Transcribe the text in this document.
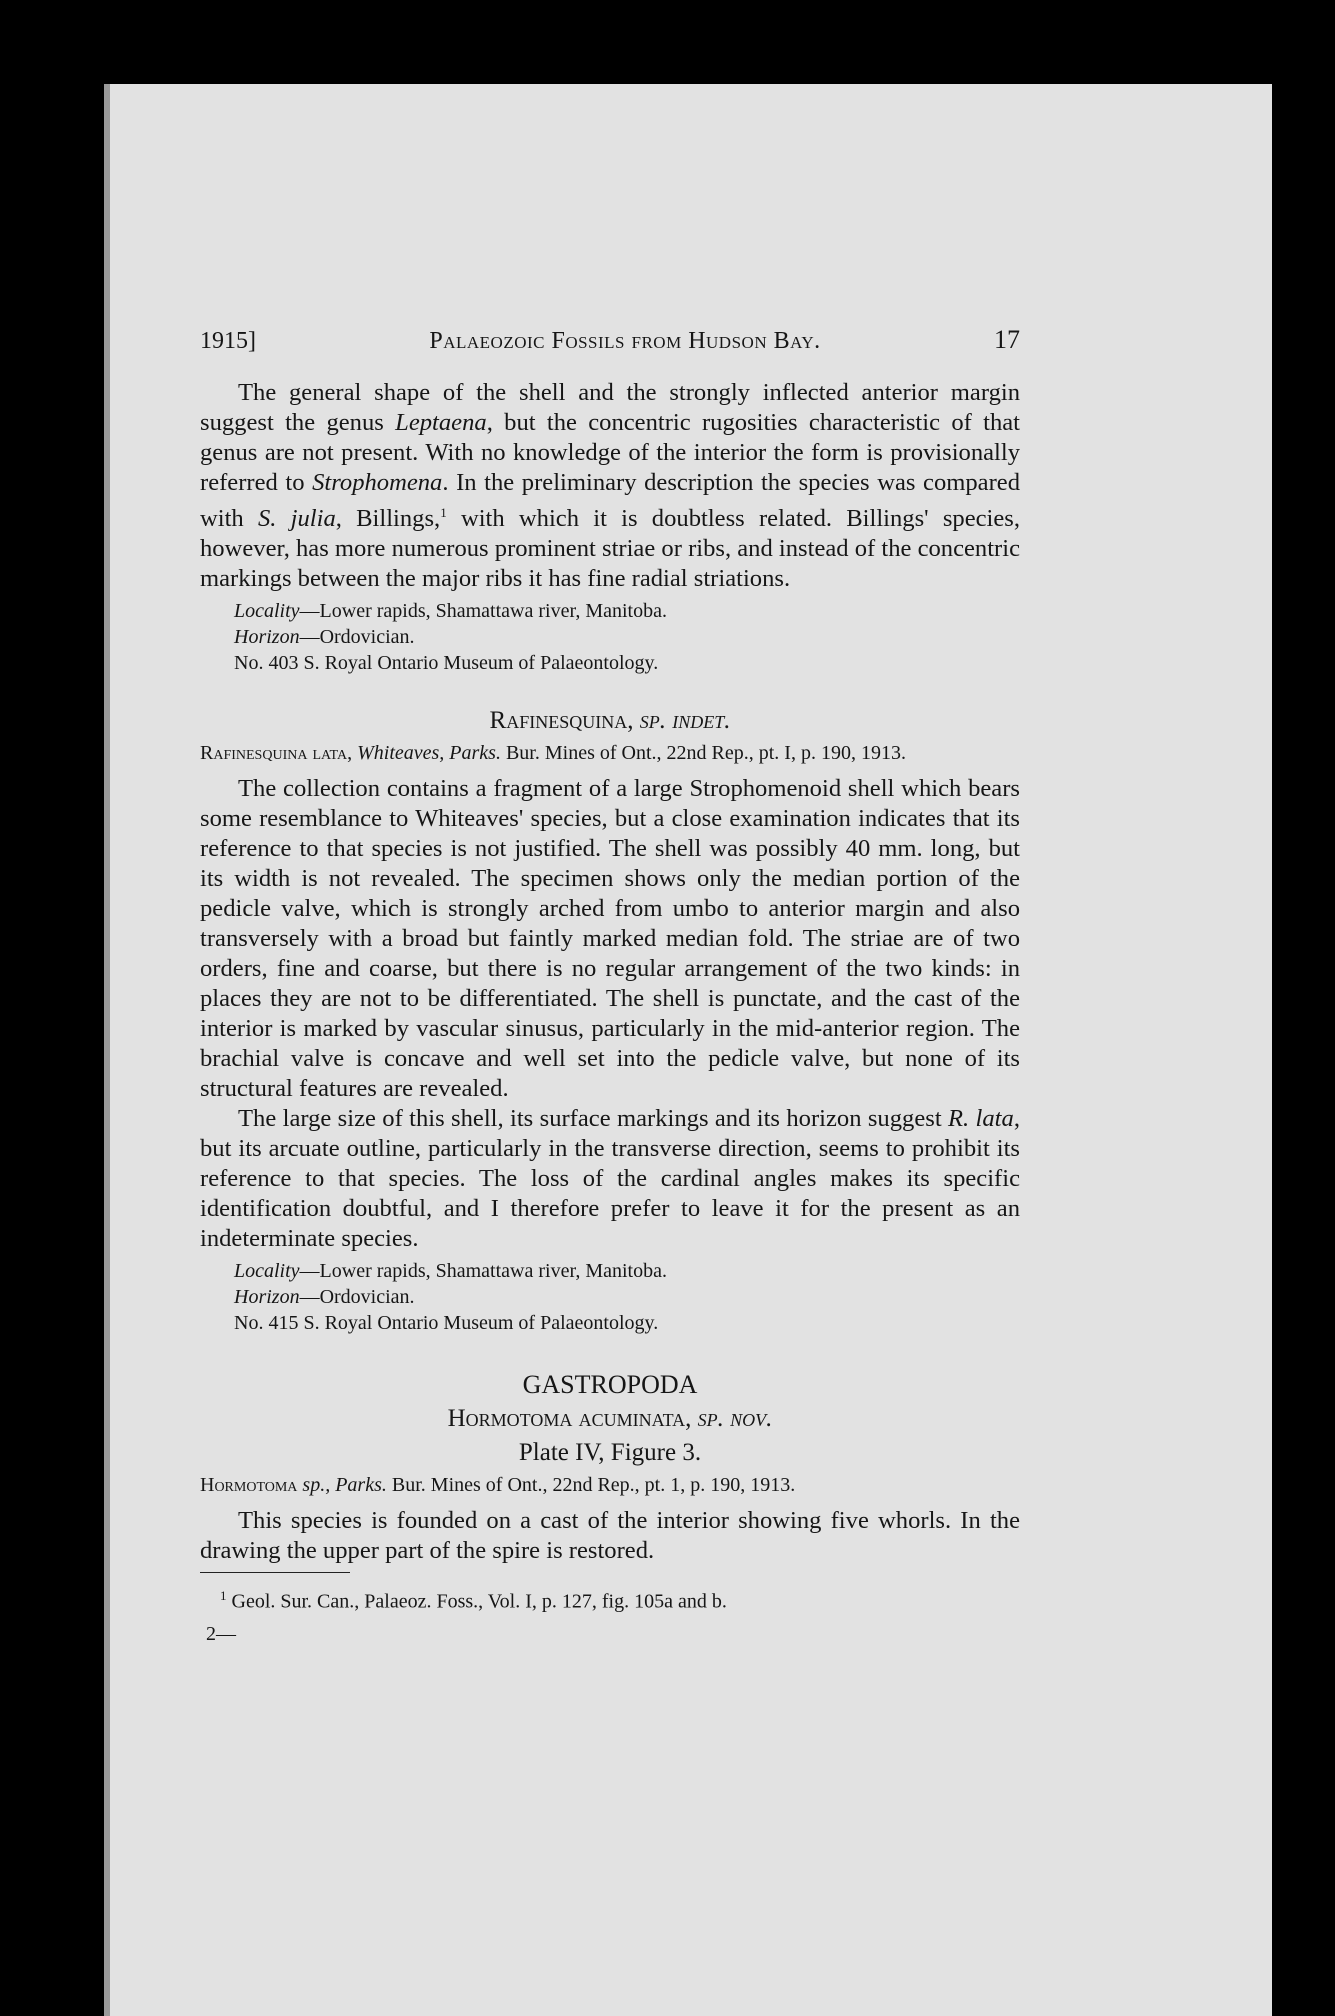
1915]	Palaeozoic Fossils from Hudson Bay.	17

The general shape of the shell and the strongly inflected anterior margin suggest the genus Leptaena, but the concentric rugosities characteristic of that genus are not present. With no knowledge of the interior the form is provisionally referred to Strophomena. In the preliminary description the species was compared with S. julia, Billings,$^1$ with which it is doubtless related. Billings' species, however, has more numerous prominent striae or ribs, and instead of the concentric markings between the major ribs it has fine radial striations.

Locality—Lower rapids, Shamattawa river, Manitoba.
Horizon—Ordovician.
No. 403 S. Royal Ontario Museum of Palaeontology.
Rafinesquina, sp. indet.
Rafinesquina lata, Whiteaves, Parks. Bur. Mines of Ont., 22nd Rep., pt. I, p. 190, 1913.

The collection contains a fragment of a large Strophomenoid shell which bears some resemblance to Whiteaves' species, but a close examination indicates that its reference to that species is not justified. The shell was possibly 40 mm. long, but its width is not revealed. The specimen shows only the median portion of the pedicle valve, which is strongly arched from umbo to anterior margin and also transversely with a broad but faintly marked median fold. The striae are of two orders, fine and coarse, but there is no regular arrangement of the two kinds: in places they are not to be differentiated. The shell is punctate, and the cast of the interior is marked by vascular sinusus, particularly in the mid-anterior region. The brachial valve is concave and well set into the pedicle valve, but none of its structural features are revealed.

The large size of this shell, its surface markings and its horizon suggest R. lata, but its arcuate outline, particularly in the transverse direction, seems to prohibit its reference to that species. The loss of the cardinal angles makes its specific identification doubtful, and I therefore prefer to leave it for the present as an indeterminate species.

Locality—Lower rapids, Shamattawa river, Manitoba.
Horizon—Ordovician.
No. 415 S. Royal Ontario Museum of Palaeontology.
GASTROPODA
Hormotoma acuminata, sp. nov.
Plate IV, Figure 3.
Hormotoma sp., Parks. Bur. Mines of Ont., 22nd Rep., pt. 1, p. 190, 1913.

This species is founded on a cast of the interior showing five whorls. In the drawing the upper part of the spire is restored.

$^1$ Geol. Sur. Can., Palaeoz. Foss., Vol. I, p. 127, fig. 105a and b.
2—
